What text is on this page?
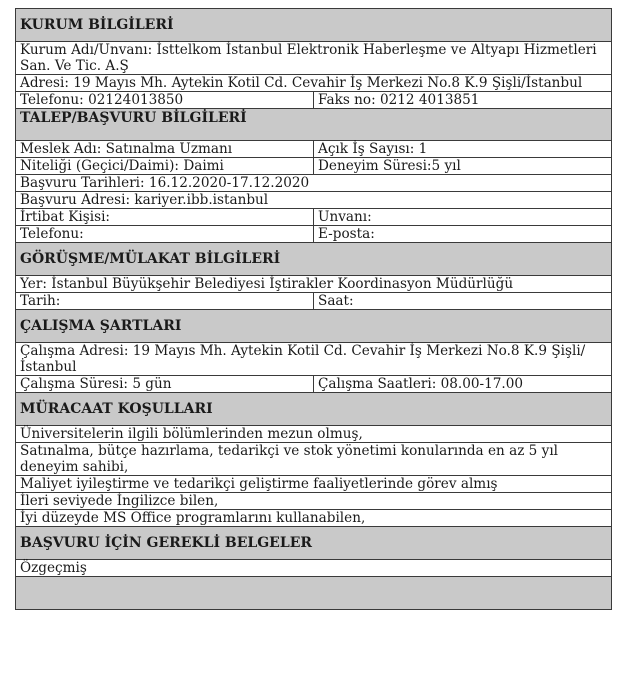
KURUM BİLGİLERİ	
Kurum Adı/Unvanı: İsttelkom İstanbul Elektronik Haberleşme ve Altyapı Hizmetleri San. Ve Tic. A.Ş	
Adresi: 19 Mayıs Mh. Aytekin Kotil Cd. Cevahir İş Merkezi No.8 K.9 Şişli/İstanbul	
Telefonu: 02124013850	Faks no: 0212 4013851
TALEP/BAŞVURU BİLGİLERİ	
Meslek Adı: Satınalma Uzmanı	Açık İş Sayısı: 1
Niteliği (Geçici/Daimi): Daimi	Deneyim Süresi:5 yıl
Başvuru Tarihleri: 16.12.2020-17.12.2020	
Başvuru Adresi: kariyer.ibb.istanbul	
İrtibat Kişisi:	Unvanı:
Telefonu:	E-posta:
GÖRÜŞME/MÜLAKAT BİLGİLERİ	
Yer: İstanbul Büyükşehir Belediyesi İştirakler Koordinasyon Müdürlüğü	
Tarih:	Saat:
ÇALIŞMA ŞARTLARI	
Çalışma Adresi: 19 Mayıs Mh. Aytekin Kotil Cd. Cevahir İş Merkezi No.8 K.9 Şişli/İstanbul	
Çalışma Süresi: 5 gün	Çalışma Saatleri: 08.00-17.00
MÜRACAAT KOŞULLARI	
Üniversitelerin ilgili bölümlerinden mezun olmuş,	
Satınalma, bütçe hazırlama, tedarikçi ve stok yönetimi konularında en az 5 yıl deneyim sahibi,	
Maliyet iyileştirme ve tedarikçi geliştirme faaliyetlerinde görev almış	
İleri seviyede İngilizce bilen,	
İyi düzeyde MS Office programlarını kullanabilen,	
BAŞVURU İÇİN GEREKLİ BELGELER	
Özgeçmiş	
